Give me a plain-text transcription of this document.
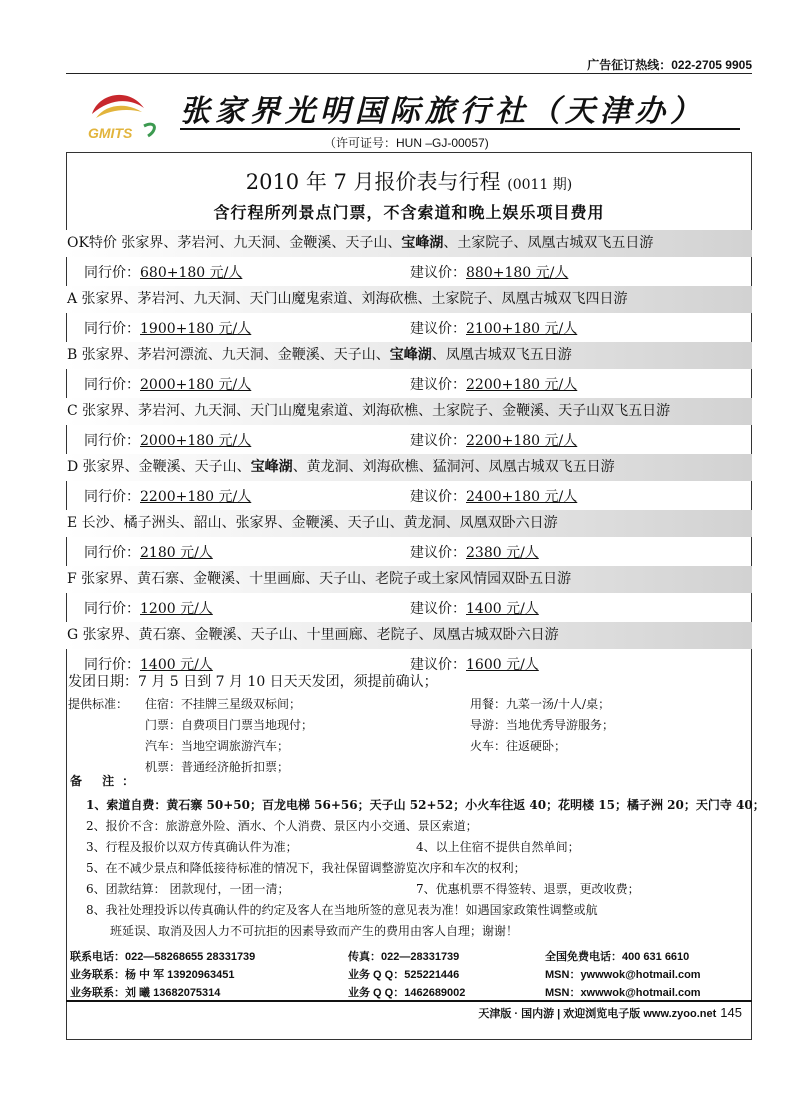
广告征订热线：022-2705 9905
GMITS
张家界光明国际旅行社（天津办）
（许可证号：HUN –GJ-00057)
2010 年 7 月报价表与行程 (0011 期)
含行程所列景点门票，不含索道和晚上娱乐项目费用
OK特价 张家界、茅岩河、九天洞、金鞭溪、天子山、宝峰湖、土家院子、凤凰古城双飞五日游
同行价：680+180 元/人	建议价：880+180 元/人
A 张家界、茅岩河、九天洞、天门山魔鬼索道、刘海砍樵、土家院子、凤凰古城双飞四日游
同行价：1900+180 元/人	建议价：2100+180 元/人
B 张家界、茅岩河漂流、九天洞、金鞭溪、天子山、宝峰湖、凤凰古城双飞五日游
同行价：2000+180 元/人	建议价：2200+180 元/人
C 张家界、茅岩河、九天洞、天门山魔鬼索道、刘海砍樵、土家院子、金鞭溪、天子山双飞五日游
同行价：2000+180 元/人	建议价：2200+180 元/人
D 张家界、金鞭溪、天子山、宝峰湖、黄龙洞、刘海砍樵、猛洞河、凤凰古城双飞五日游
同行价：2200+180 元/人	建议价：2400+180 元/人
E 长沙、橘子洲头、韶山、张家界、金鞭溪、天子山、黄龙洞、凤凰双卧六日游
同行价：2180 元/人	建议价：2380 元/人
F 张家界、黄石寨、金鞭溪、十里画廊、天子山、老院子或土家风情园双卧五日游
同行价：1200 元/人	建议价：1400 元/人
G 张家界、黄石寨、金鞭溪、天子山、十里画廊、老院子、凤凰古城双卧六日游
同行价：1400 元/人	建议价：1600 元/人
发团日期：7 月 5 日到 7 月 10 日天天发团，须提前确认；
提供标准： 住宿：不挂牌三星级双标间；	用餐：九菜一汤/十人/桌；
门票：自费项目门票当地现付；	导游：当地优秀导游服务；
汽车：当地空调旅游汽车；	火车：往返硬卧；
机票：普通经济舱折扣票；
备 注：
1、索道自费：黄石寨 50+50；百龙电梯 56+56；天子山 52+52；小火车往返 40；花明楼 15；橘子洲 20；天门寺 40；
2、报价不含：旅游意外险、酒水、个人消费、景区内小交通、景区索道；
3、行程及报价以双方传真确认件为准；	4、以上住宿不提供自然单间；
5、在不减少景点和降低接待标准的情况下，我社保留调整游览次序和车次的权利；
6、团款结算： 团款现付，一团一清；	7、优惠机票不得签转、退票，更改收费；
8、我社处理投诉以传真确认件的约定及客人在当地所签的意见表为准！如遇国家政策性调整或航
班延误、取消及因人力不可抗拒的因素导致而产生的费用由客人自理；谢谢！
联系电话：022—58268655 28331739	传真：022—28331739	全国免费电话：400 631 6610
业务联系：杨 中 军 13920963451	业务 Q Q：525221446	MSN：ywwwok@hotmail.com
业务联系：刘 曦 13682075314	业务 Q Q：1462689002	MSN：xwwwok@hotmail.com
天津版 · 国内游 | 欢迎浏览电子版 www.zyoo.net 145
